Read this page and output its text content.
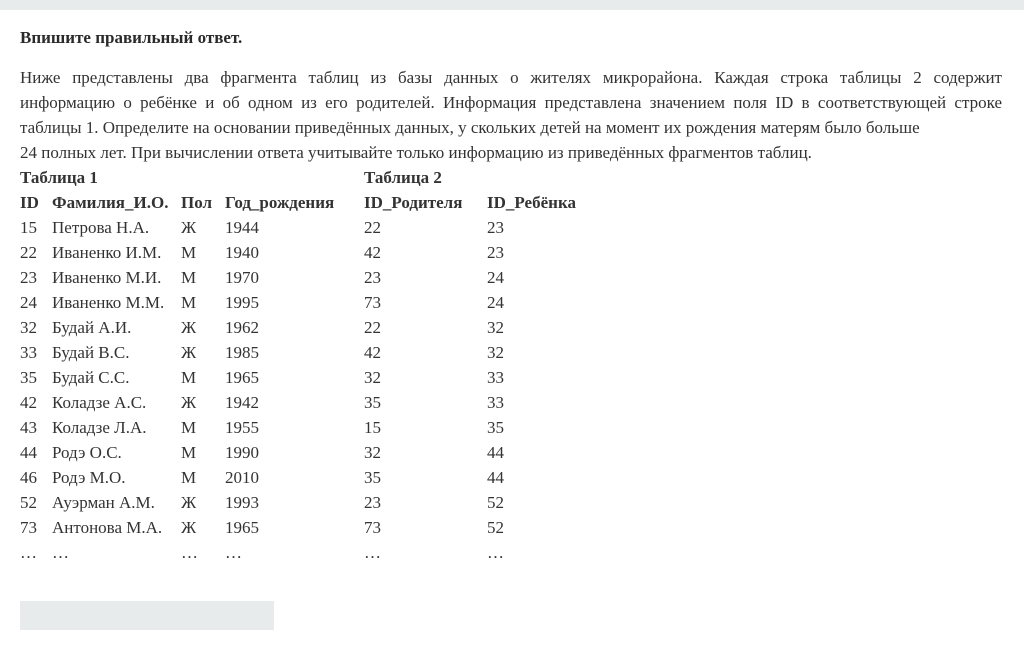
Впишите правильный ответ.
Ниже представлены два фрагмента таблиц из базы данных о жителях микрорайона. Каждая строка таблицы 2 содержит
информацию о ребёнке и об одном из его родителей. Информация представлена значением поля ID в соответствующей строке
таблицы 1. Определите на основании приведённых данных, у скольких детей на момент их рождения матерям было больше
24 полных лет. При вычислении ответа учитывайте только информацию из приведённых фрагментов таблиц.
Таблица 1	Таблица 2
ID	Фамилия_И.О.	Пол	Год_рождения
15	Петрова Н.А.	Ж	1944
22	Иваненко И.М.	М	1940
23	Иваненко М.И.	М	1970
24	Иваненко М.М.	М	1995
32	Будай А.И.	Ж	1962
33	Будай В.С.	Ж	1985
35	Будай С.С.	М	1965
42	Коладзе А.С.	Ж	1942
43	Коладзе Л.А.	М	1955
44	Родэ О.С.	М	1990
46	Родэ М.О.	М	2010
52	Ауэрман А.М.	Ж	1993
73	Антонова М.А.	Ж	1965
…	…	…	…
ID_Родителя	ID_Ребёнка
22	23
42	23
23	24
73	24
22	32
42	32
32	33
35	33
15	35
32	44
35	44
23	52
73	52
…	…
